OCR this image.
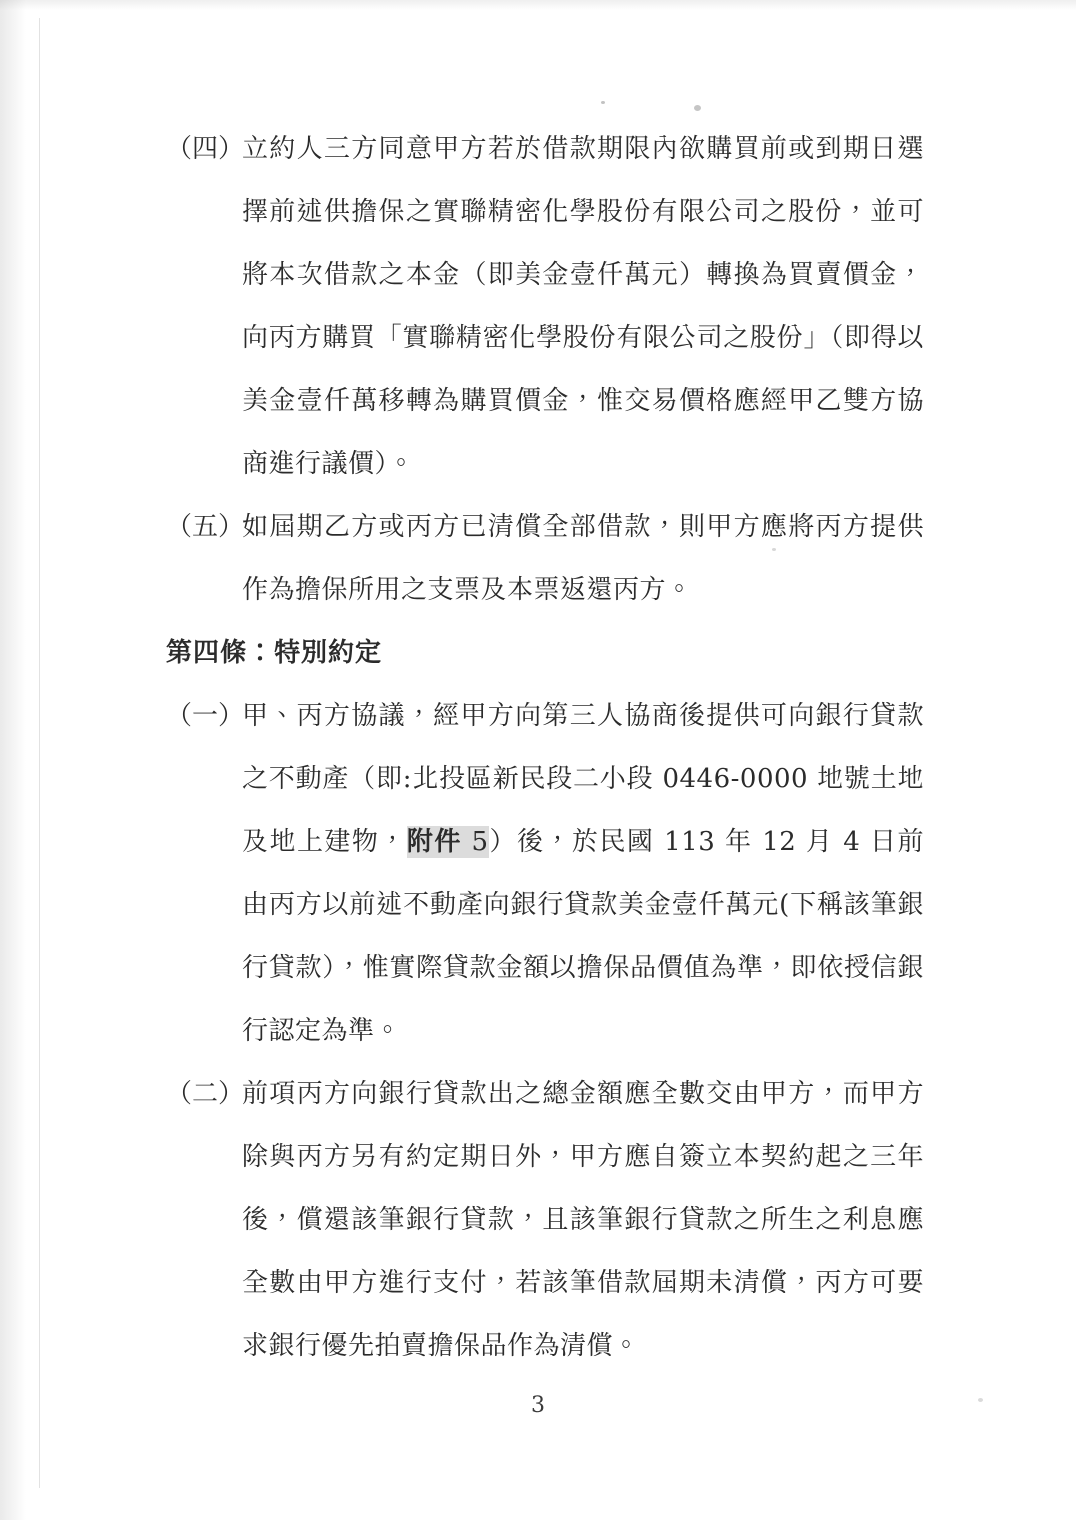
（四）
立約人三方同意甲方若於借款期限內欲購買前或到期日選擇前述供擔保之實聯精密化學股份有限公司之股份，並可將本次借款之本金（即美金壹仟萬元）轉換為買賣價金，向丙方購買「實聯精密化學股份有限公司之股份」（即得以美金壹仟萬移轉為購買價金，惟交易價格應經甲乙雙方協商進行議價）。

（五）
如屆期乙方或丙方已清償全部借款，則甲方應將丙方提供作為擔保所用之支票及本票返還丙方。

第四條：特別約定

（一）
甲、丙方協議，經甲方向第三人協商後提供可向銀行貸款之不動產（即:北投區新民段二小段 0446-0000 地號土地及地上建物，附件 5）後，於民國 113 年 12 月 4 日前由丙方以前述不動產向銀行貸款美金壹仟萬元(下稱該筆銀行貸款），惟實際貸款金額以擔保品價值為準，即依授信銀行認定為準。

（二）
前項丙方向銀行貸款出之總金額應全數交由甲方，而甲方除與丙方另有約定期日外，甲方應自簽立本契約起之三年後，償還該筆銀行貸款，且該筆銀行貸款之所生之利息應全數由甲方進行支付，若該筆借款屆期未清償，丙方可要求銀行優先拍賣擔保品作為清償。

3
